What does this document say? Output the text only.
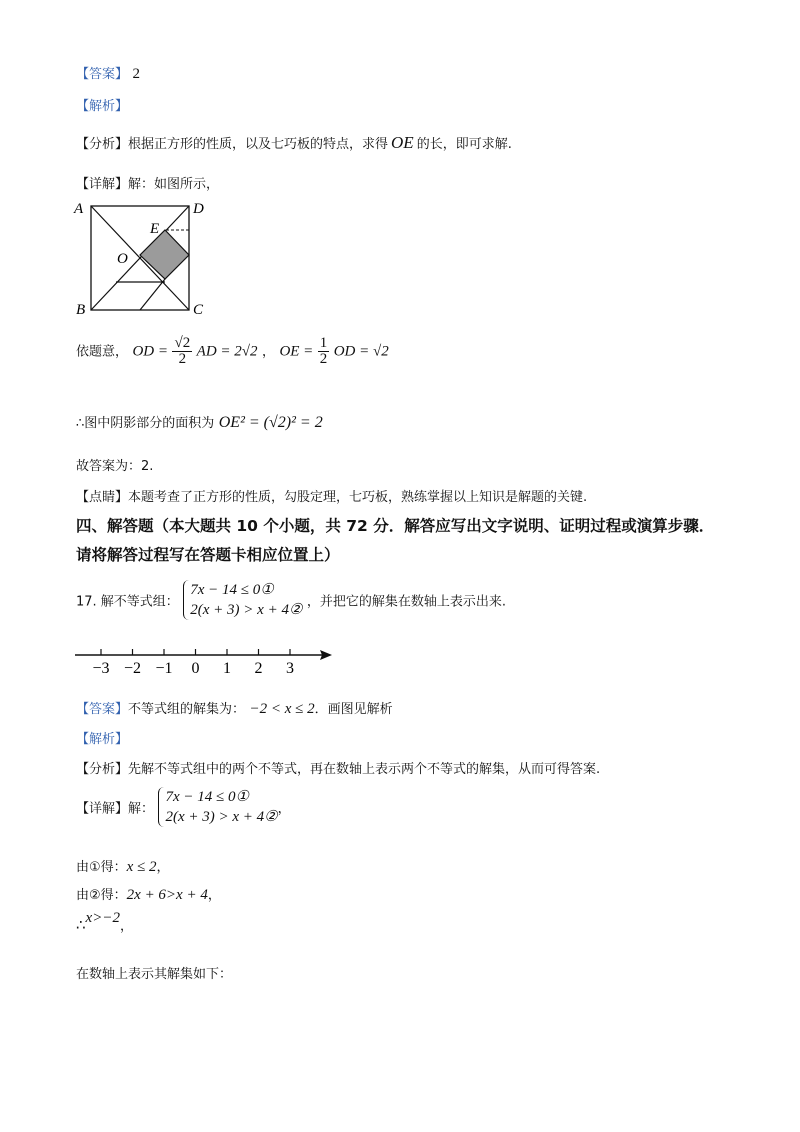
【答案】 2
【解析】
【分析】根据正方形的性质，以及七巧板的特点，求得 OE 的长，即可求解.
【详解】解：如图所示，
A	D
E
O
B	C
依题意， OD = $\frac{√2}{2}$ AD = 2√2 ， OE = $\frac{1}{2}$ OD = √2
∴图中阴影部分的面积为 OE² = (√2)² = 2
故答案为：2.
【点睛】本题考查了正方形的性质，勾股定理，七巧板，熟练掌握以上知识是解题的关键.
四、解答题（本大题共 10 个小题，共 72 分．解答应写出文字说明、证明过程或演算步骤．
请将解答过程写在答题卡相应位置上）
17. 解不等式组：
7x − 14 ≤ 0①
2(x + 3) > x + 4② ，并把它的解集在数轴上表示出来.
−3 −2 −1 0 1 2 3
【答案】不等式组的解集为： −2 < x ≤ 2．画图见解析
【解析】
【分析】先解不等式组中的两个不等式，再在数轴上表示两个不等式的解集，从而可得答案.
【详解】解：
7x − 14 ≤ 0①
2(x + 3) > x + 4② ，
由①得：x ≤ 2，
由②得：2x + 6>x + 4，
∴x>−2，
在数轴上表示其解集如下：
